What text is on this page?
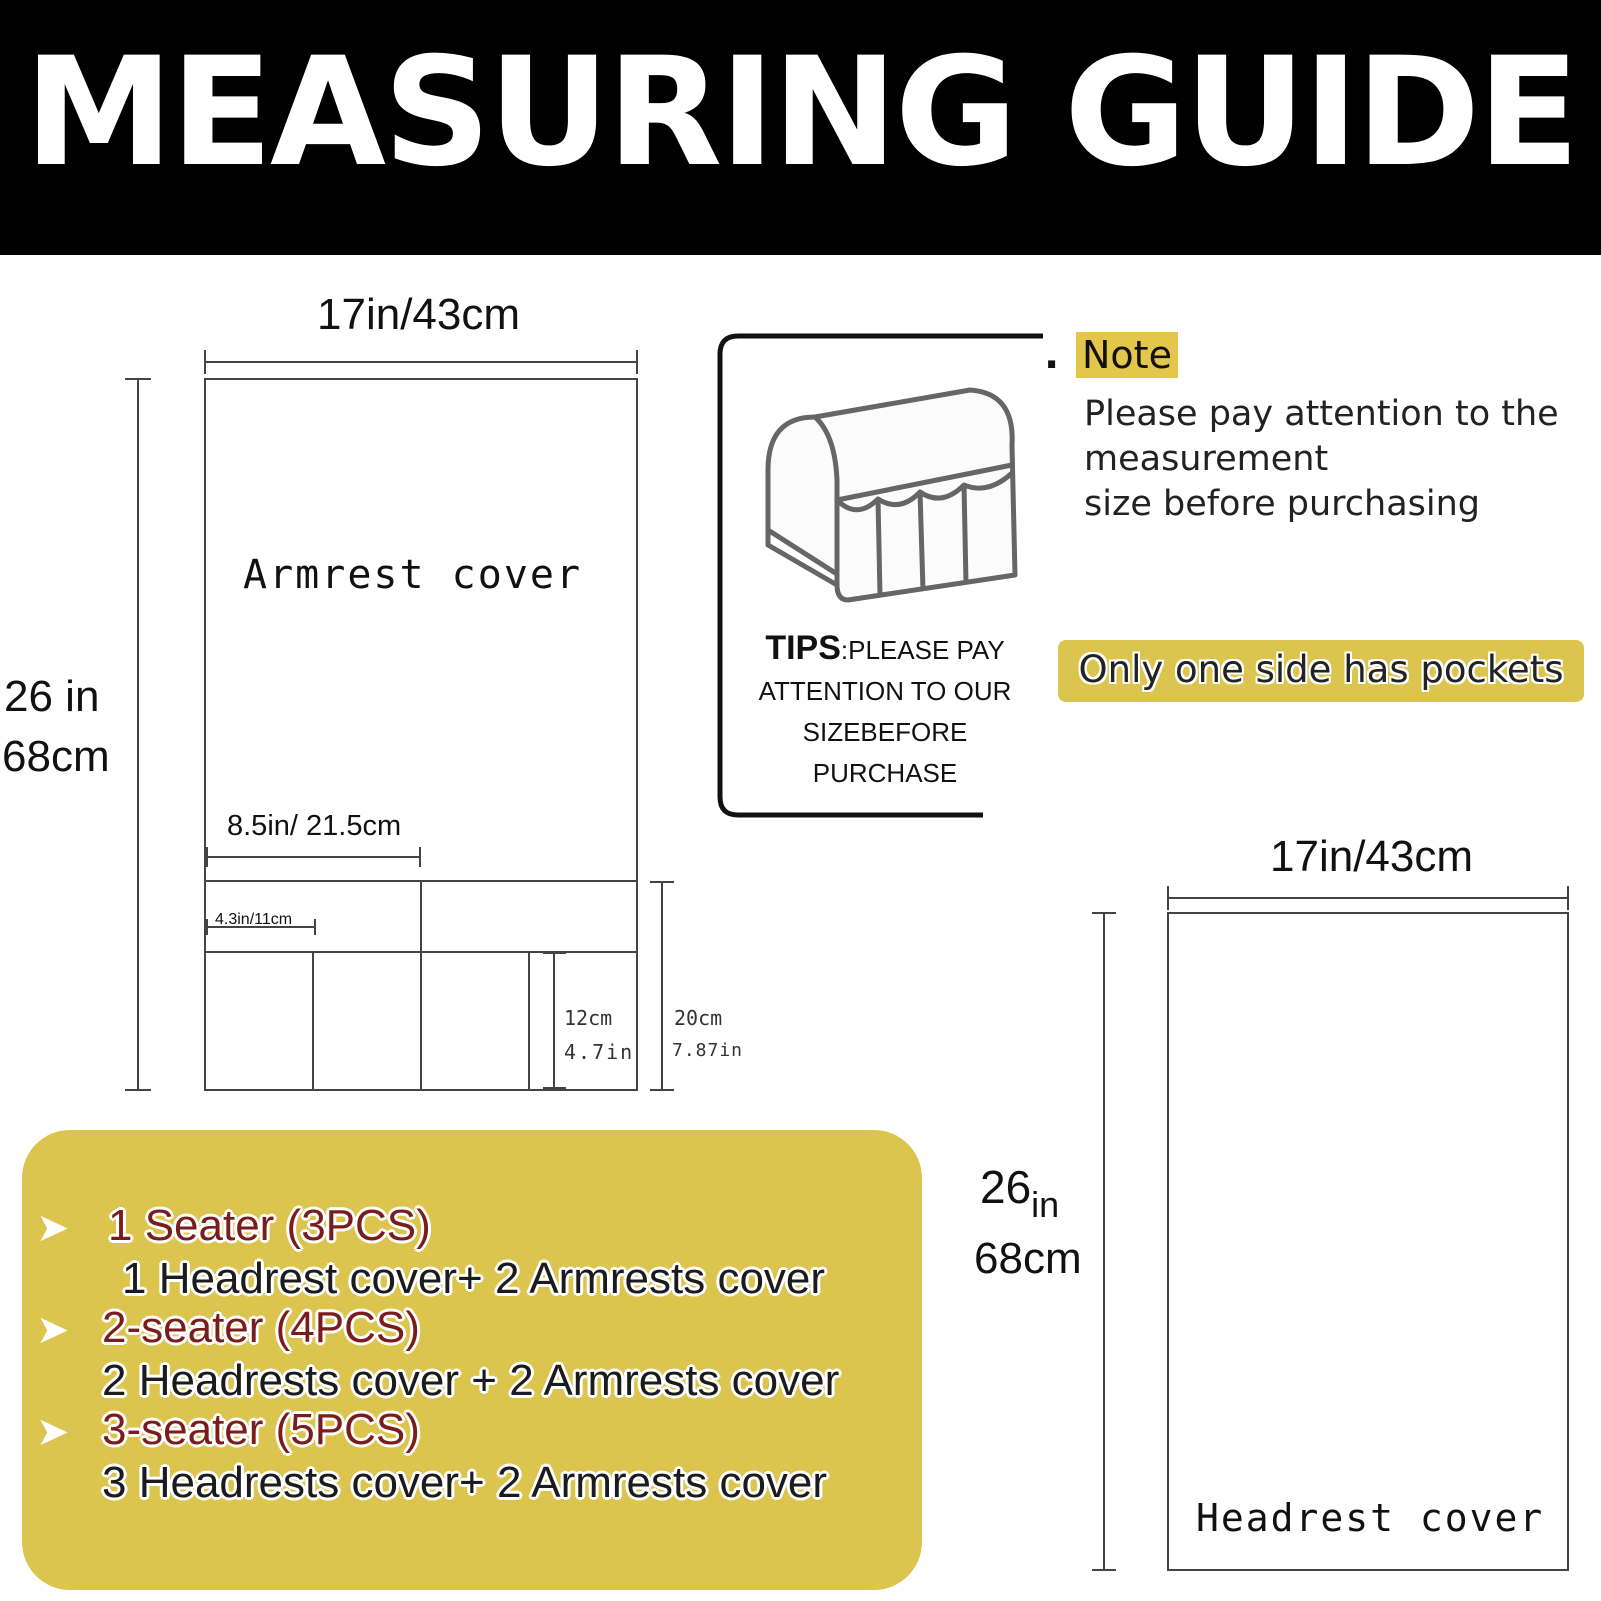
MEASURING GUIDE
17in/43cm
26 in
68cm
Armrest cover
8.5in/ 21.5cm
4.3in/11cm
12cm
4.7in
20cm
7.87in
TIPS:PLEASE PAY
ATTENTION TO OUR
SIZEBEFORE PURCHASE
. Note
Please pay attention to the
measurement
size before purchasing
Only one side has pockets
17in/43cm
$26_{in}$
68cm
Headrest cover
➤ 1 Seater (3PCS)
1 Headrest cover+ 2 Armrests cover
➤ 2-seater (4PCS)
2 Headrests cover + 2 Armrests cover
➤ 3-seater (5PCS)
3 Headrests cover+ 2 Armrests cover
